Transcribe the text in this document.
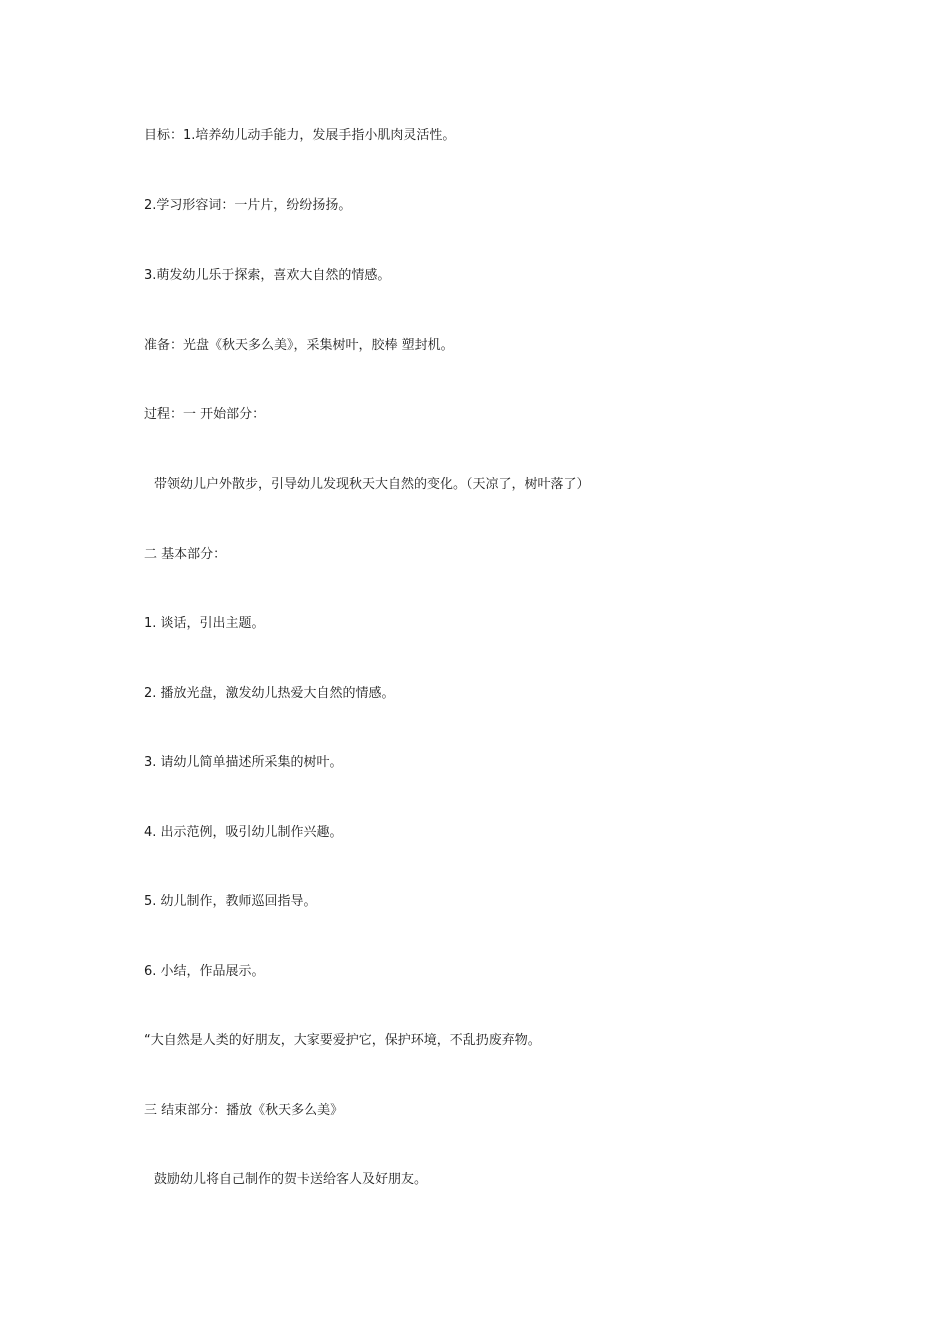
目标：1.培养幼儿动手能力，发展手指小肌肉灵活性。

2.学习形容词：一片片，纷纷扬扬。

3.萌发幼儿乐于探索，喜欢大自然的情感。

准备：光盘《秋天多么美》，采集树叶，胶棒 塑封机。

过程：一 开始部分：

带领幼儿户外散步，引导幼儿发现秋天大自然的变化。（天凉了，树叶落了）

二 基本部分：

1. 谈话，引出主题。

2. 播放光盘，激发幼儿热爱大自然的情感。

3. 请幼儿简单描述所采集的树叶。

4. 出示范例，吸引幼儿制作兴趣。

5. 幼儿制作，教师巡回指导。

6. 小结，作品展示。

“大自然是人类的好朋友，大家要爱护它，保护环境，不乱扔废弃物。

三 结束部分：播放《秋天多么美》

鼓励幼儿将自己制作的贺卡送给客人及好朋友。
